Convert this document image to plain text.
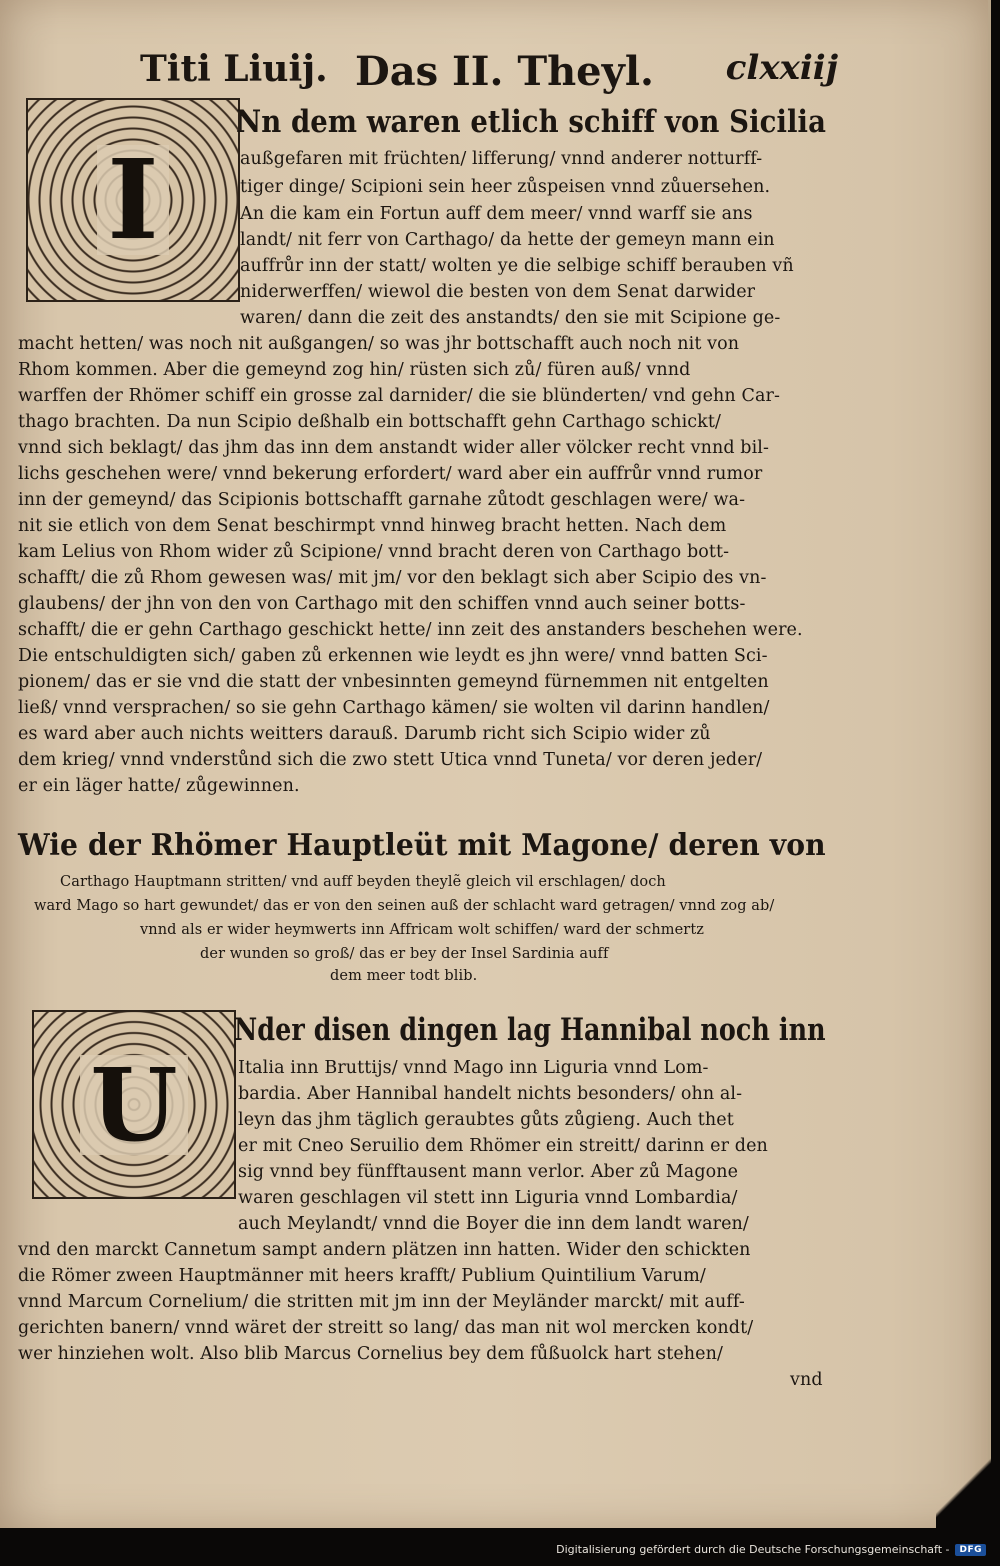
Titi Liuij. Das II. Theyl. clxxiij
I
Nn dem waren etlich schiff von Sicilia
außgefaren mit früchten/ lifferung/ vnnd anderer notturff-
tiger dinge/ Scipioni sein heer zůspeisen vnnd zůuersehen.
An die kam ein Fortun auff dem meer/ vnnd warff sie ans
landt/ nit ferr von Carthago/ da hette der gemeyn mann ein
auffrůr inn der statt/ wolten ye die selbige schiff berauben vñ
niderwerffen/ wiewol die besten von dem Senat darwider
waren/ dann die zeit des anstandts/ den sie mit Scipione ge-
macht hetten/ was noch nit außgangen/ so was jhr bottschafft auch noch nit von
Rhom kommen. Aber die gemeynd zog hin/ rüsten sich zů/ füren auß/ vnnd
warffen der Rhömer schiff ein grosse zal darnider/ die sie blünderten/ vnd gehn Car-
thago brachten. Da nun Scipio deßhalb ein bottschafft gehn Carthago schickt/
vnnd sich beklagt/ das jhm das inn dem anstandt wider aller völcker recht vnnd bil-
lichs geschehen were/ vnnd bekerung erfordert/ ward aber ein auffrůr vnnd rumor
inn der gemeynd/ das Scipionis bottschafft garnahe zůtodt geschlagen were/ wa-
nit sie etlich von dem Senat beschirmpt vnnd hinweg bracht hetten. Nach dem
kam Lelius von Rhom wider zů Scipione/ vnnd bracht deren von Carthago bott-
schafft/ die zů Rhom gewesen was/ mit jm/ vor den beklagt sich aber Scipio des vn-
glaubens/ der jhn von den von Carthago mit den schiffen vnnd auch seiner botts-
schafft/ die er gehn Carthago geschickt hette/ inn zeit des anstanders beschehen were.
Die entschuldigten sich/ gaben zů erkennen wie leydt es jhn were/ vnnd batten Sci-
pionem/ das er sie vnd die statt der vnbesinnten gemeynd fürnemmen nit entgelten
ließ/ vnnd versprachen/ so sie gehn Carthago kämen/ sie wolten vil darinn handlen/
es ward aber auch nichts weitters darauß. Darumb richt sich Scipio wider zů
dem krieg/ vnnd vnderstůnd sich die zwo stett Utica vnnd Tuneta/ vor deren jeder/
er ein läger hatte/ zůgewinnen.
Wie der Rhömer Hauptleüt mit Magone/ deren von
Carthago Hauptmann stritten/ vnd auff beyden theylẽ gleich vil erschlagen/ doch
ward Mago so hart gewundet/ das er von den seinen auß der schlacht ward getragen/ vnnd zog ab/
vnnd als er wider heymwerts inn Affricam wolt schiffen/ ward der schmertz
der wunden so groß/ das er bey der Insel Sardinia auff
dem meer todt blib.
U
Nder disen dingen lag Hannibal noch inn
Italia inn Bruttijs/ vnnd Mago inn Liguria vnnd Lom-
bardia. Aber Hannibal handelt nichts besonders/ ohn al-
leyn das jhm täglich geraubtes gůts zůgieng. Auch thet
er mit Cneo Seruilio dem Rhömer ein streitt/ darinn er den
sig vnnd bey fünfftausent mann verlor. Aber zů Magone
waren geschlagen vil stett inn Liguria vnnd Lombardia/
auch Meylandt/ vnnd die Boyer die inn dem landt waren/
vnd den marckt Cannetum sampt andern plätzen inn hatten. Wider den schickten
die Römer zween Hauptmänner mit heers krafft/ Publium Quintilium Varum/
vnnd Marcum Cornelium/ die stritten mit jm inn der Meyländer marckt/ mit auff-
gerichten banern/ vnnd wäret der streitt so lang/ das man nit wol mercken kondt/
wer hinziehen wolt. Also blib Marcus Cornelius bey dem fůßuolck hart stehen/
vnd
Digitalisierung gefördert durch die Deutsche Forschungsgemeinschaft -	DFG
